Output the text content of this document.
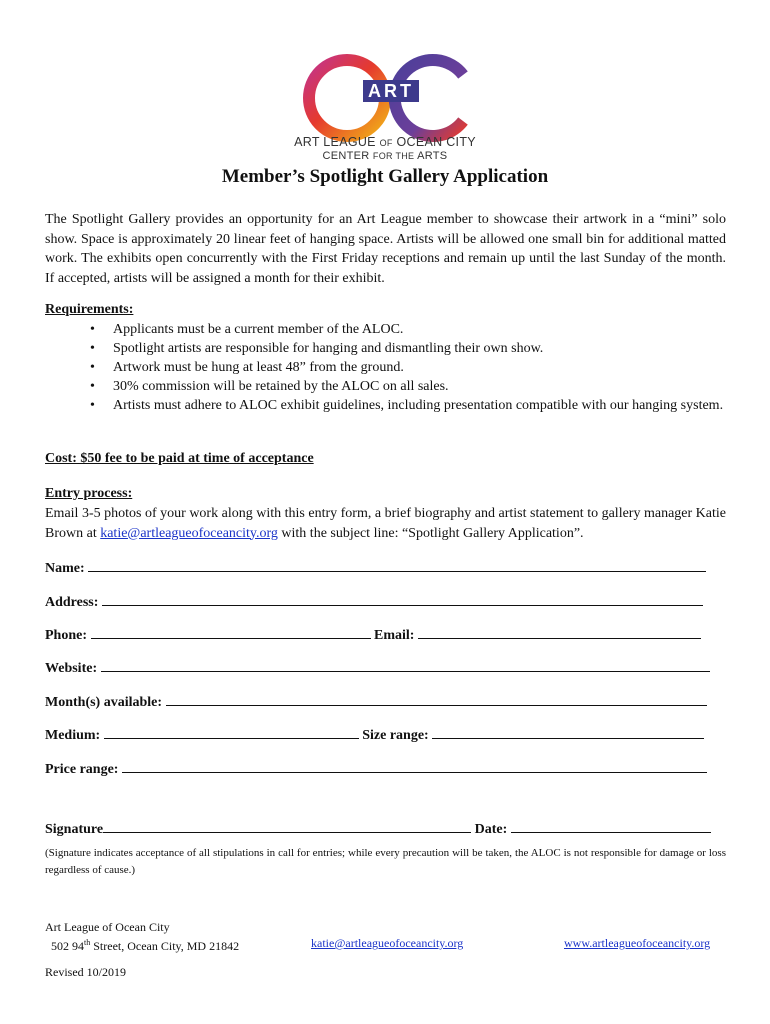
ART
ART LEAGUE OF OCEAN CITY
CENTER FOR THE ARTS
Member’s Spotlight Gallery Application
The Spotlight Gallery provides an opportunity for an Art League member to showcase their artwork in a “mini” solo show. Space is approximately 20 linear feet of hanging space. Artists will be allowed one small bin for additional matted work. The exhibits open concurrently with the First Friday receptions and remain up until the last Sunday of the month. If accepted, artists will be assigned a month for their exhibit.
Requirements:
• Applicants must be a current member of the ALOC.
• Spotlight artists are responsible for hanging and dismantling their own show.
• Artwork must be hung at least 48” from the ground.
• 30% commission will be retained by the ALOC on all sales.
• Artists must adhere to ALOC exhibit guidelines, including presentation compatible with our hanging system.
Cost: $50 fee to be paid at time of acceptance
Entry process:
Email 3-5 photos of your work along with this entry form, a brief biography and artist statement to gallery manager Katie Brown at katie@artleagueofoceancity.org with the subject line: “Spotlight Gallery Application”.
Name:
Address:
Phone:	Email:
Website:
Month(s) available:
Medium:	Size range:
Price range:
Signature	Date:
(Signature indicates acceptance of all stipulations in call for entries; while every precaution will be taken, the ALOC is not responsible for damage or loss regardless of cause.)
Art League of Ocean City
502 94th Street, Ocean City, MD 21842	katie@artleagueofoceancity.org	www.artleagueofoceancity.org
Revised 10/2019
